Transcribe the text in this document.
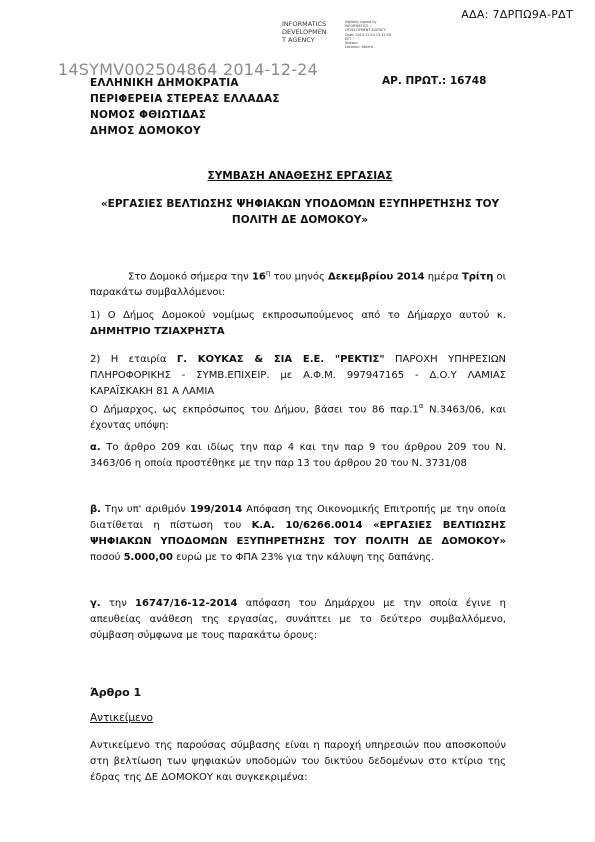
ΑΔΑ: 7ΔΡΠΩ9Α-ΡΔΤ
INFORMATICS
DEVELOPMEN
T AGENCY
Digitally signed by
INFORMATICS
DEVELOPMENT AGENCY
Date: 2014.12.24 13:15:18
EET
Reason:
Location: Athens
ΕΛΛΗΝΙΚΗ ΔΗΜΟΚΡΑΤΙΑ
ΠΕΡΙΦΕΡΕΙΑ ΣΤΕΡΕΑΣ ΕΛΛΑΔΑΣ
ΝΟΜΟΣ ΦΘΙΩΤΙΔΑΣ
ΔΗΜΟΣ ΔΟΜΟΚΟΥ
ΑΡ. ΠΡΩΤ.: 16748
14SYMV002504864 2014-12-24
ΣΥΜΒΑΣΗ ΑΝΑΘΕΣΗΣ ΕΡΓΑΣΙΑΣ
«ΕΡΓΑΣΙΕΣ ΒΕΛΤΙΩΣΗΣ ΨΗΦΙΑΚΩΝ ΥΠΟΔΟΜΩΝ ΕΞΥΠΗΡΕΤΗΣΗΣ ΤΟΥ
ΠΟΛΙΤΗ ΔΕ ΔΟΜΟΚΟΥ»
Στο Δομοκό σήμερα την $16^\eta$ του μηνός Δεκεμβρίου 2014 ημέρα Τρίτη οι παρακάτω συμβαλλόμενοι:
1) Ο Δήμος Δομοκού νομίμως εκπροσωπούμενος από το Δήμαρχο αυτού κ. ΔΗΜΗΤΡΙΟ ΤΖΙΑΧΡΗΣΤΑ
2) Η εταιρία Γ. ΚΟΥΚΑΣ & ΣΙΑ Ε.Ε. "ΡΕΚΤΙΣ" ΠΑΡΟΧΗ ΥΠΗΡΕΣΙΩΝ ΠΛΗΡΟΦΟΡΙΚΗΣ - ΣΥΜΒ.ΕΠΙΧΕΙΡ. με Α.Φ.Μ. 997947165 - Δ.Ο.Υ ΛΑΜΙΑΣ ΚΑΡΑΪΣΚΑΚΗ 81 Α ΛΑΜΙΑ
Ο Δήμαρχος, ως εκπρόσωπος του Δήμου, βάσει του 86 $\pi\alpha\rho.1^\alpha$ Ν.3463/06, και έχοντας υπόψη:
α. Το άρθρο 209 και ιδίως την παρ 4 και την παρ 9 του άρθρου 209 του Ν. 3463/06 η οποία προστέθηκε με την παρ 13 του άρθρου 20 του Ν. 3731/08
β. Την υπ' αριθμόν 199/2014 Απόφαση της Οικονομικής Επιτροπής με την οποία διατίθεται η πίστωση του Κ.Α. 10/6266.0014 «ΕΡΓΑΣΙΕΣ ΒΕΛΤΙΩΣΗΣ ΨΗΦΙΑΚΩΝ ΥΠΟΔΟΜΩΝ ΕΞΥΠΗΡΕΤΗΣΗΣ ΤΟΥ ΠΟΛΙΤΗ ΔΕ ΔΟΜΟΚΟΥ» ποσού 5.000,00 ευρώ με το ΦΠΑ 23% για την κάλυψη της δαπάνης.
γ. την 16747/16-12-2014 απόφαση του Δημάρχου με την οποία έγινε η απευθείας ανάθεση της εργασίας, συνάπτει με το δεύτερο συμβαλλόμενο, σύμβαση σύμφωνα με τους παρακάτω όρους:
Άρθρο 1
Αντικείμενο
Αντικείμενο της παρούσας σύμβασης είναι η παροχή υπηρεσιών που αποσκοπούν στη βελτίωση των ψηφιακών υποδομών του δικτύου δεδομένων στο κτίριο της έδρας της ΔΕ ΔΟΜΟΚΟΥ και συγκεκριμένα:
